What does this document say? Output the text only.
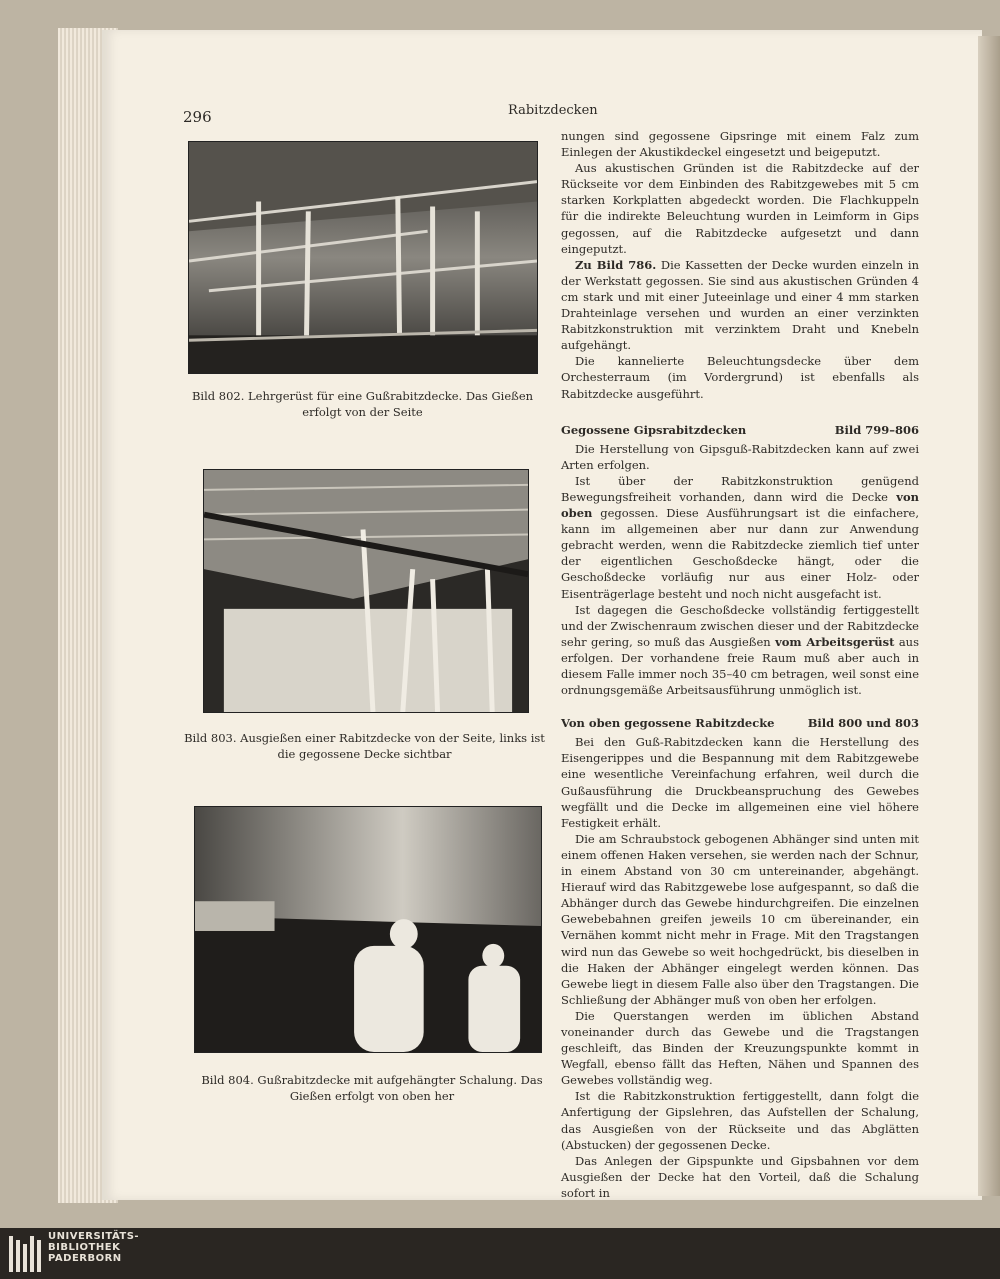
296	Rabitzdecken
Bild 802. Lehrgerüst für eine Gußrabitzdecke. Das Gießen erfolgt von der Seite
Bild 803. Ausgießen einer Rabitzdecke von der Seite, links ist die gegossene Decke sichtbar
Bild 804. Gußrabitzdecke mit aufgehängter Schalung. Das Gießen erfolgt von oben her

nungen sind gegossene Gipsringe mit einem Falz zum Einlegen der Akustikdeckel eingesetzt und beigeputzt.

Aus akustischen Gründen ist die Rabitzdecke auf der Rückseite vor dem Einbinden des Rabitzgewebes mit 5 cm starken Korkplatten abgedeckt worden. Die Flachkuppeln für die indirekte Beleuchtung wurden in Leimform in Gips gegossen, auf die Rabitzdecke aufgesetzt und dann eingeputzt.

Zu Bild 786. Die Kassetten der Decke wurden einzeln in der Werkstatt gegossen. Sie sind aus akustischen Gründen 4 cm stark und mit einer Juteeinlage und einer 4 mm starken Drahteinlage versehen und wurden an einer verzinkten Rabitzkonstruktion mit verzinktem Draht und Knebeln aufgehängt.

Die kannelierte Beleuchtungsdecke über dem Orchesterraum (im Vordergrund) ist ebenfalls als Rabitzdecke ausgeführt.

Gegossene Gipsrabitzdecken	Bild 799–806

Die Herstellung von Gipsguß-Rabitzdecken kann auf zwei Arten erfolgen.

Ist über der Rabitzkonstruktion genügend Bewegungsfreiheit vorhanden, dann wird die Decke von oben gegossen. Diese Ausführungsart ist die einfachere, kann im allgemeinen aber nur dann zur Anwendung gebracht werden, wenn die Rabitzdecke ziemlich tief unter der eigentlichen Geschoßdecke hängt, oder die Geschoßdecke vorläufig nur aus einer Holz- oder Eisenträgerlage besteht und noch nicht ausgefacht ist.

Ist dagegen die Geschoßdecke vollständig fertiggestellt und der Zwischenraum zwischen dieser und der Rabitzdecke sehr gering, so muß das Ausgießen vom Arbeitsgerüst aus erfolgen. Der vorhandene freie Raum muß aber auch in diesem Falle immer noch 35–40 cm betragen, weil sonst eine ordnungsgemäße Arbeitsausführung unmöglich ist.

Von oben gegossene Rabitzdecke	Bild 800 und 803

Bei den Guß-Rabitzdecken kann die Herstellung des Eisengerippes und die Bespannung mit dem Rabitzgewebe eine wesentliche Vereinfachung erfahren, weil durch die Gußausführung die Druckbeanspruchung des Gewebes wegfällt und die Decke im allgemeinen eine viel höhere Festigkeit erhält.

Die am Schraubstock gebogenen Abhänger sind unten mit einem offenen Haken versehen, sie werden nach der Schnur, in einem Abstand von 30 cm untereinander, abgehängt. Hierauf wird das Rabitzgewebe lose aufgespannt, so daß die Abhänger durch das Gewebe hindurchgreifen. Die einzelnen Gewebebahnen greifen jeweils 10 cm übereinander, ein Vernähen kommt nicht mehr in Frage. Mit den Tragstangen wird nun das Gewebe so weit hochgedrückt, bis dieselben in die Haken der Abhänger eingelegt werden können. Das Gewebe liegt in diesem Falle also über den Tragstangen. Die Schließung der Abhänger muß von oben her erfolgen.

Die Querstangen werden im üblichen Abstand voneinander durch das Gewebe und die Tragstangen geschleift, das Binden der Kreuzungspunkte kommt in Wegfall, ebenso fällt das Heften, Nähen und Spannen des Gewebes vollständig weg.

Ist die Rabitzkonstruktion fertiggestellt, dann folgt die Anfertigung der Gipslehren, das Aufstellen der Schalung, das Ausgießen von der Rückseite und das Abglätten (Abstucken) der gegossenen Decke.

Das Anlegen der Gipspunkte und Gipsbahnen vor dem Ausgießen der Decke hat den Vorteil, daß die Schalung sofort in

UNIVERSITÄTS-
BIBLIOTHEK
PADERBORN
